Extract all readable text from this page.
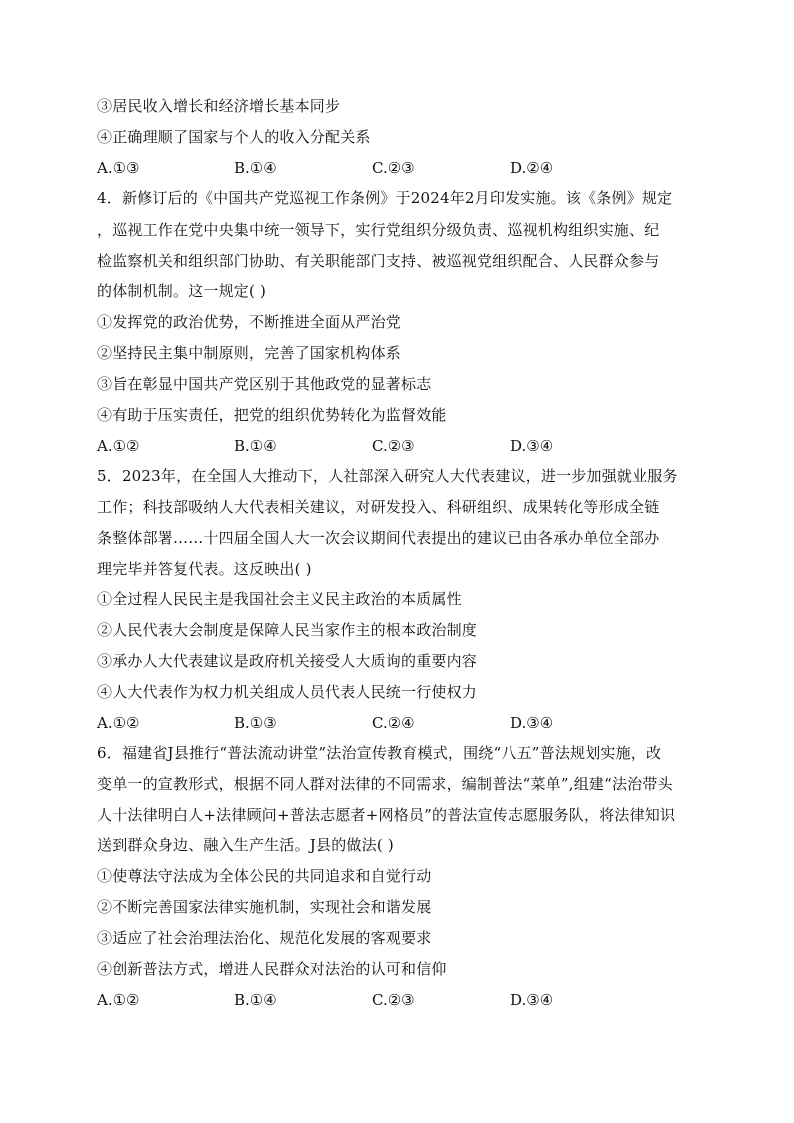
③居民收入增长和经济增长基本同步
④正确理顺了国家与个人的收入分配关系
A.①③	B.①④	C.②③	D.②④
4．新修订后的《中国共产党巡视工作条例》于2024年2月印发实施。该《条例》规定
，巡视工作在党中央集中统一领导下，实行党组织分级负责、巡视机构组织实施、纪
检监察机关和组织部门协助、有关职能部门支持、被巡视党组织配合、人民群众参与
的体制机制。这一规定( )
①发挥党的政治优势，不断推进全面从严治党
②坚持民主集中制原则，完善了国家机构体系
③旨在彰显中国共产党区别于其他政党的显著标志
④有助于压实责任，把党的组织优势转化为监督效能
A.①②	B.①④	C.②③	D.③④
5．2023年，在全国人大推动下，人社部深入研究人大代表建议，进一步加强就业服务
工作；科技部吸纳人大代表相关建议，对研发投入、科研组织、成果转化等形成全链
条整体部署……十四届全国人大一次会议期间代表提出的建议已由各承办单位全部办
理完毕并答复代表。这反映出( )
①全过程人民民主是我国社会主义民主政治的本质属性
②人民代表大会制度是保障人民当家作主的根本政治制度
③承办人大代表建议是政府机关接受人大质询的重要内容
④人大代表作为权力机关组成人员代表人民统一行使权力
A.①②	B.①③	C.②④	D.③④
6．福建省J县推行“普法流动讲堂”法治宣传教育模式，围绕“八五”普法规划实施，改
变单一的宣教形式，根据不同人群对法律的不同需求，编制普法“菜单”,组建“法治带头
人十法律明白人+法律顾问+普法志愿者+网格员”的普法宣传志愿服务队，将法律知识
送到群众身边、融入生产生活。J县的做法( )
①使尊法守法成为全体公民的共同追求和自觉行动
②不断完善国家法律实施机制，实现社会和谐发展
③适应了社会治理法治化、规范化发展的客观要求
④创新普法方式，增进人民群众对法治的认可和信仰
A.①②	B.①④	C.②③	D.③④
